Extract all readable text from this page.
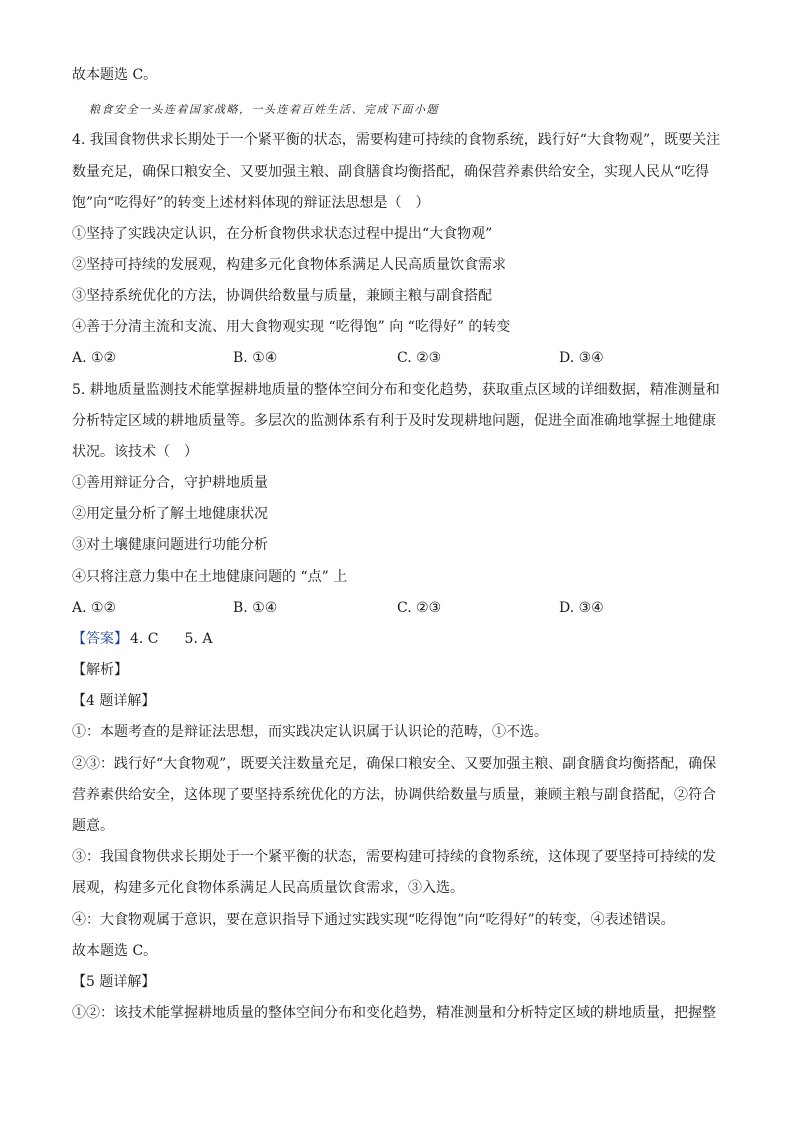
故本题选 C。
粮食安全一头连着国家战略，一头连着百姓生活、完成下面小题
4. 我国食物供求长期处于一个紧平衡的状态，需要构建可持续的食物系统，践行好“大食物观”，既要关注
数量充足，确保口粮安全、又要加强主粮、副食膳食均衡搭配，确保营养素供给安全，实现人民从“吃得
饱”向“吃得好”的转变上述材料体现的辩证法思想是（　）
①坚持了实践决定认识，在分析食物供求状态过程中提出“大食物观”
②坚持可持续的发展观，构建多元化食物体系满足人民高质量饮食需求
③坚持系统优化的方法，协调供给数量与质量，兼顾主粮与副食搭配
④善于分清主流和支流、用大食物观实现 “吃得饱” 向 “吃得好” 的转变
A. ①②	B. ①④	C. ②③	D. ③④
5. 耕地质量监测技术能掌握耕地质量的整体空间分布和变化趋势，获取重点区域的详细数据，精准测量和
分析特定区域的耕地质量等。多层次的监测体系有利于及时发现耕地问题，促进全面准确地掌握土地健康
状况。该技术（　）
①善用辩证分合，守护耕地质量
②用定量分析了解土地健康状况
③对土壤健康问题进行功能分析
④只将注意力集中在土地健康问题的 “点” 上
A. ①②	B. ①④	C. ②③	D. ③④
【答案】 4. C 5. A
【解析】
【4 题详解】
①：本题考查的是辩证法思想，而实践决定认识属于认识论的范畴，①不选。
②③：践行好“大食物观”，既要关注数量充足，确保口粮安全、又要加强主粮、副食膳食均衡搭配，确保
营养素供给安全，这体现了要坚持系统优化的方法，协调供给数量与质量，兼顾主粮与副食搭配，②符合
题意。
③：我国食物供求长期处于一个紧平衡的状态，需要构建可持续的食物系统，这体现了要坚持可持续的发
展观，构建多元化食物体系满足人民高质量饮食需求，③入选。
④：大食物观属于意识，要在意识指导下通过实践实现“吃得饱”向“吃得好”的转变，④表述错误。
故本题选 C。
【5 题详解】
①②：该技术能掌握耕地质量的整体空间分布和变化趋势，精准测量和分析特定区域的耕地质量，把握整
